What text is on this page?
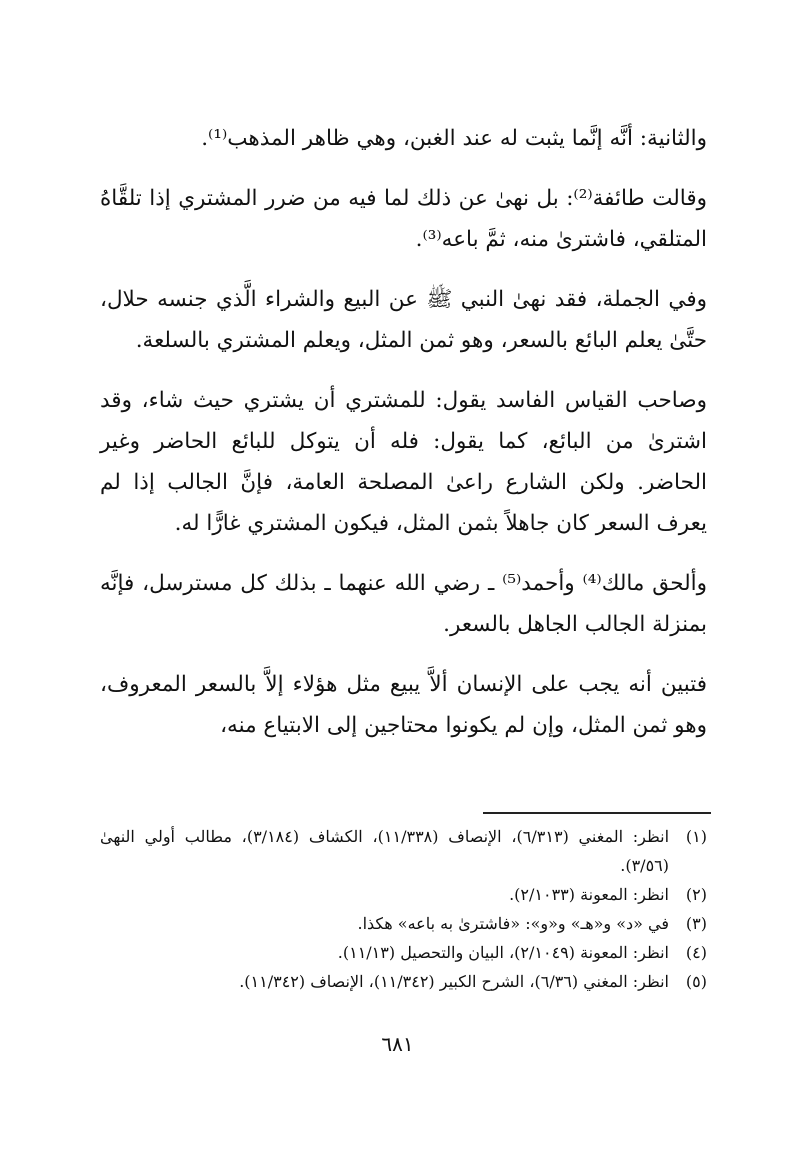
والثانية: أنَّه إنَّما يثبت له عند الغبن، وهي ظاهر المذهب⁽¹⁾.

وقالت طائفة⁽²⁾: بل نهىٰ عن ذلك لما فيه من ضرر المشتري إذا تلقَّاهُ المتلقي، فاشترىٰ منه، ثمَّ باعه⁽³⁾.

وفي الجملة، فقد نهىٰ النبي ﷺ عن البيع والشراء الَّذي جنسه حلال، حتَّىٰ يعلم البائع بالسعر، وهو ثمن المثل، ويعلم المشتري بالسلعة.

وصاحب القياس الفاسد يقول: للمشتري أن يشتري حيث شاء، وقد اشترىٰ من البائع، كما يقول: فله أن يتوكل للبائع الحاضر وغير الحاضر. ولكن الشارع راعىٰ المصلحة العامة، فإنَّ الجالب إذا لم يعرف السعر كان جاهلاً بثمن المثل، فيكون المشتري غارًّا له.

وألحق مالك⁽⁴⁾ وأحمد⁽⁵⁾ ـ رضي الله عنهما ـ بذلك كل مسترسل، فإنَّه بمنزلة الجالب الجاهل بالسعر.

فتبين أنه يجب على الإنسان ألاَّ يبيع مثل هؤلاء إلاَّ بالسعر المعروف، وهو ثمن المثل، وإن لم يكونوا محتاجين إلى الابتياع منه،

(١)
انظر: المغني (٦/٣١٣)، الإنصاف (١١/٣٣٨)، الكشاف (٣/١٨٤)، مطالب أولي النهىٰ (٣/٥٦).
(٢)
انظر: المعونة (٢/١٠٣٣).
(٣)
في «د» و«هـ» و«و»: «فاشترىٰ به باعه» هكذا.
(٤)
انظر: المعونة (٢/١٠٤٩)، البيان والتحصيل (١١/١٣).
(٥)
انظر: المغني (٦/٣٦)، الشرح الكبير (١١/٣٤٢)، الإنصاف (١١/٣٤٢).
٦٨١
